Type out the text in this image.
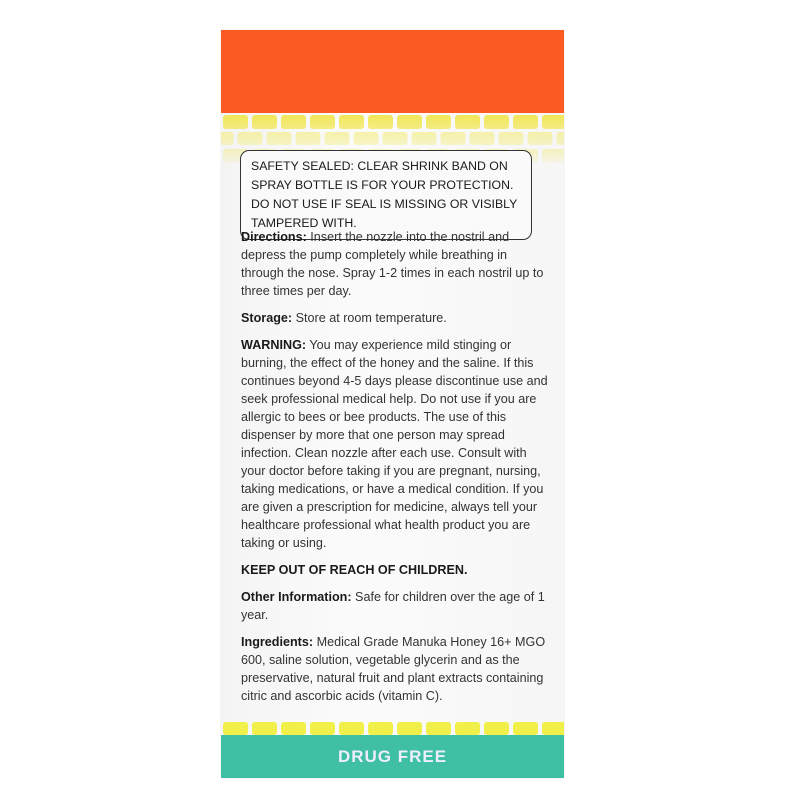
SAFETY SEALED: CLEAR SHRINK BAND ON SPRAY BOTTLE IS FOR YOUR PROTECTION. DO NOT USE IF SEAL IS MISSING OR VISIBLY TAMPERED WITH.

Directions: Insert the nozzle into the nostril and depress the pump completely while breathing in through the nose. Spray 1-2 times in each nostril up to three times per day.

Storage: Store at room temperature.

WARNING: You may experience mild stinging or burning, the effect of the honey and the saline. If this continues beyond 4-5 days please discontinue use and seek professional medical help. Do not use if you are allergic to bees or bee products. The use of this dispenser by more that one person may spread infection. Clean nozzle after each use. Consult with your doctor before taking if you are pregnant, nursing, taking medications, or have a medical condition. If you are given a prescription for medicine, always tell your healthcare professional what health product you are taking or using.

KEEP OUT OF REACH OF CHILDREN.

Other Information: Safe for children over the age of 1 year.

Ingredients: Medical Grade Manuka Honey 16+ MGO 600, saline solution, vegetable glycerin and as the preservative, natural fruit and plant extracts containing citric and ascorbic acids (vitamin C).

DRUG FREE
